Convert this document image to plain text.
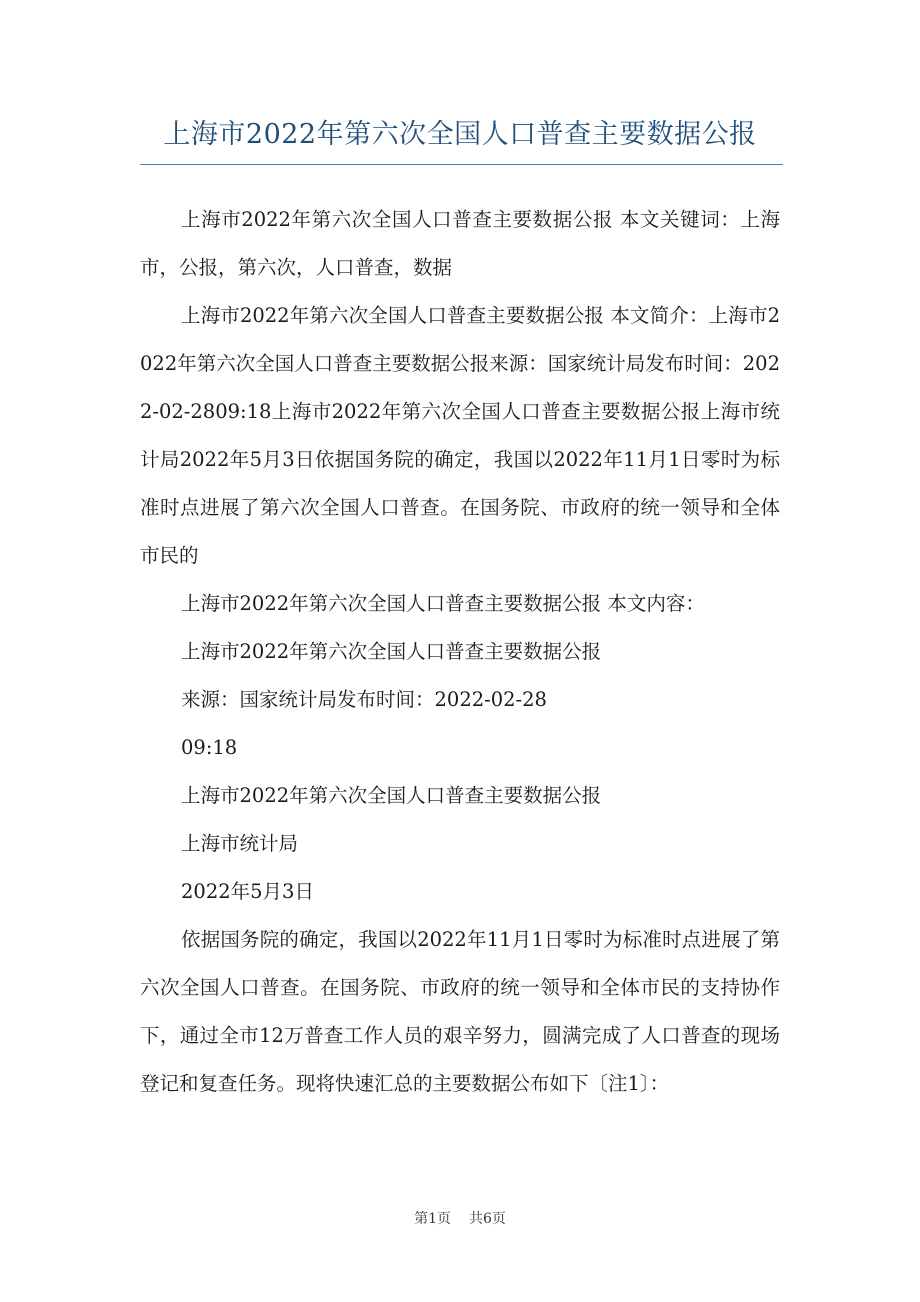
上海市2022年第六次全国人口普查主要数据公报

上海市2022年第六次全国人口普查主要数据公报 本文关键词：上海市，公报，第六次，人口普查，数据

上海市2022年第六次全国人口普查主要数据公报 本文简介：上海市2022年第六次全国人口普查主要数据公报来源：国家统计局发布时间：2022-02-2809:18上海市2022年第六次全国人口普查主要数据公报上海市统计局2022年5月3日依据国务院的确定，我国以2022年11月1日零时为标准时点进展了第六次全国人口普查。在国务院、市政府的统一领导和全体市民的

上海市2022年第六次全国人口普查主要数据公报 本文内容：

上海市2022年第六次全国人口普查主要数据公报

来源：国家统计局发布时间：2022-02-28

09:18

上海市2022年第六次全国人口普查主要数据公报

上海市统计局

2022年5月3日

依据国务院的确定，我国以2022年11月1日零时为标准时点进展了第六次全国人口普查。在国务院、市政府的统一领导和全体市民的支持协作下，通过全市12万普查工作人员的艰辛努力，圆满完成了人口普查的现场登记和复查任务。现将快速汇总的主要数据公布如下〔注1〕：

第1页 共6页
